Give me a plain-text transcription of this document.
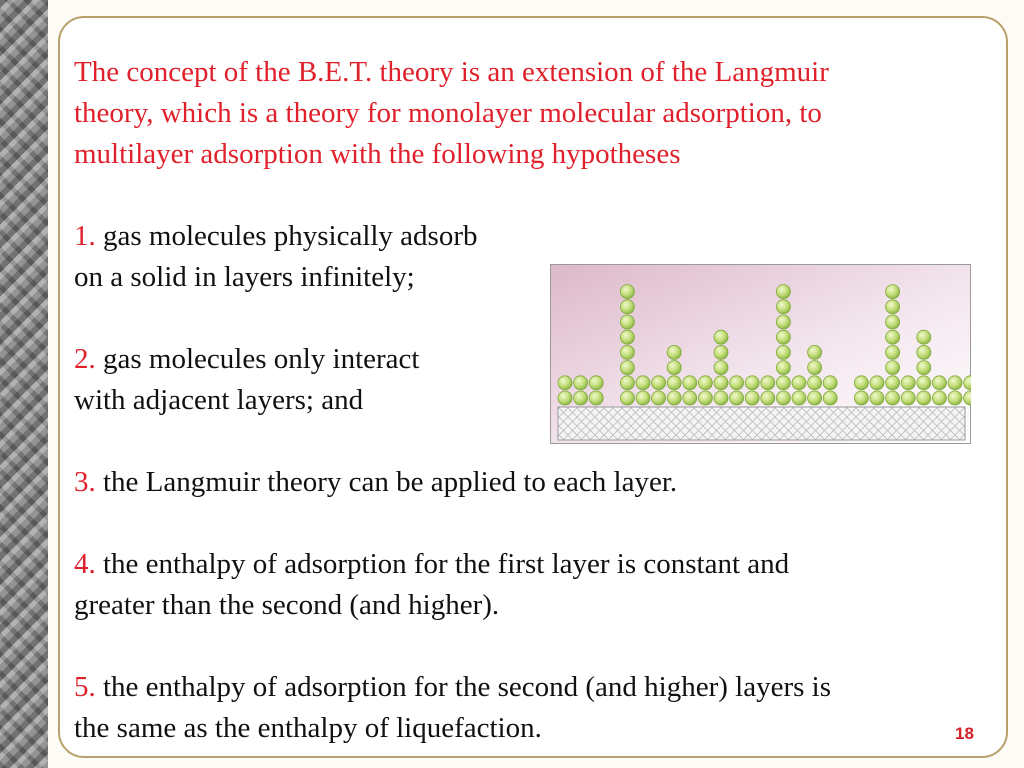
The concept of the B.E.T. theory is an extension of the Langmuir

theory, which is a theory for monolayer molecular adsorption, to

multilayer adsorption with the following hypotheses

1. gas molecules physically adsorb

on a solid in layers infinitely;

2. gas molecules only interact

with adjacent layers; and

3. the Langmuir theory can be applied to each layer.

4. the enthalpy of adsorption for the first layer is constant and

greater than the second (and higher).

5. the enthalpy of adsorption for the second (and higher) layers is

the same as the enthalpy of liquefaction.	18
